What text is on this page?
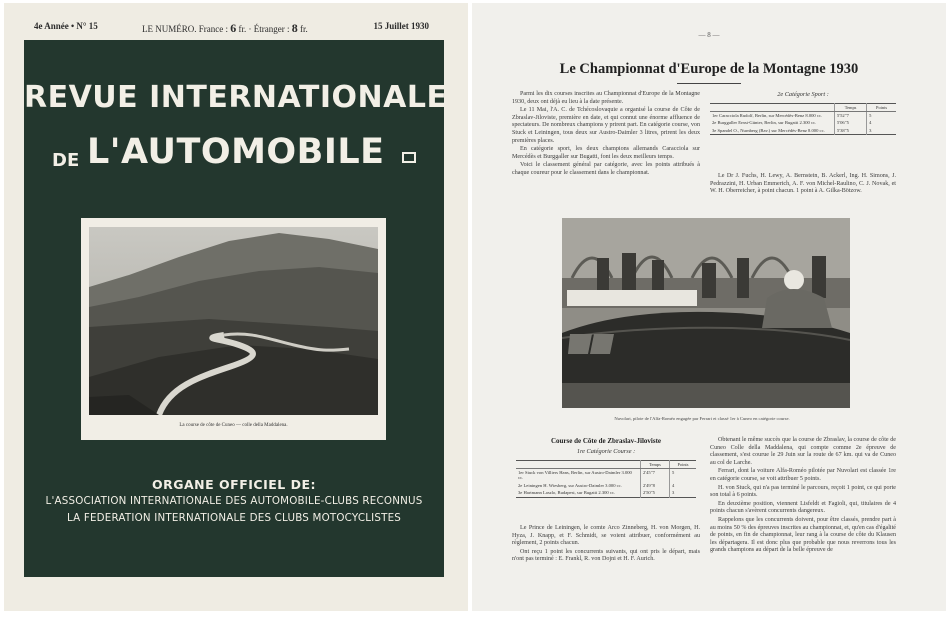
4e Année • N° 15	LE NUMÉRO. France : 6 fr. · Étranger : 8 fr.	15 Juillet 1930
REVUE INTERNATIONALE
DE L'AUTOMOBILE
La course de côte de Cuneo — colle della Maddalena.
ORGANE OFFICIEL DE:
L'ASSOCIATION INTERNATIONALE DES AUTOMOBILE-CLUBS RECONNUS
LA FEDERATION INTERNATIONALE DES CLUBS MOTOCYCLISTES
— 8 —
Le Championnat d'Europe de la Montagne 1930

Parmi les dix courses inscrites au Championnat d'Europe de la Montagne 1930, deux ont déjà eu lieu à la date présente.

Le 11 Mai, l'A. C. de Tchécoslovaquie a organisé la course de Côte de Zbraslav-Jiloviste, première en date, et qui connut une énorme affluence de spectateurs. De nombreux champions y prirent part. En catégorie course, von Stuck et Leiningen, tous deux sur Austro-Daimler 3 litres, prirent les deux premières places.

En catégorie sport, les deux champions allemands Caracciola sur Mercédès et Burggaller sur Bugatti, font les deux meilleurs temps.

Voici le classement général par catégorie, avec les points attribués à chaque coureur pour le classement dans le championnat.

2e Catégorie Sport :
	Temps	Points
1er Caracciola Rudolf, Berlin, sur Mercédès-Benz 8.000 cc.	5'52"7	5
2e Burggaller Ernst-Günter, Berlin, sur Bugatti 2.300 cc.	5'06"5	4
3e Spandel O., Nurnberg (Bav.) sur Mercédès-Benz 8.000 cc.	5'38"5	3

Le Dr J. Fuchs, H. Lewy, A. Bernstein, B. Ackerl, Ing. H. Simons, J. Pedrazzini, H. Urban Emmerich, A. F. von Michel-Raulino, C. J. Novak, et W. H. Oberreicher, à point chacun. 1 point à A. Gilka-Bötzow.

Nuvolari, pilote de l'Alfa-Roméo engagée par Ferrari et classé 1er à Cuneo en catégorie course.
Course de Côte de Zbraslav-Jiloviste
1re Catégorie Course :
	Temps	Points
1er Stuck von Villiers Hans, Berlin, sur Austro-Daimler 3.000 cc.	2'45"7	5
2e Leiningen H. Wiesberg, sur Austro-Daimler 3.000 cc.	2'49"8	4
3e Hartmann Laszlo, Budapest, sur Bugatti 2.300 cc.	2'50"5	3

Le Prince de Leiningen, le comte Arco Zinneberg, H. von Morgen, H. Hyza, J. Knapp, et F. Schmidt, se voient attribuer, conformément au règlement, 2 points chacun.

Ont reçu 1 point les concurrents suivants, qui ont pris le départ, mais n'ont pas terminé : E. Frankl, R. von Dojni et H. F. Aurich.

Obtenant le même succès que la course de Zbraslav, la course de côte de Cuneo Colle della Maddalena, qui compte comme 2e épreuve de classement, s'est courue le 29 Juin sur la route de 67 km. qui va de Cuneo au col de Larche.

Ferrari, dont la voiture Alfa-Roméo pilotée par Nuvolari est classée 1re en catégorie course, se voit attribuer 5 points.

H. von Stuck, qui n'a pas terminé le parcours, reçoit 1 point, ce qui porte son total à 6 points.

En deuxième position, viennent Lisfeldt et Fagioli, qui, titulaires de 4 points chacun s'avèrent concurrents dangereux.

Rappelons que les concurrents doivent, pour être classés, prendre part à au moins 50 % des épreuves inscrites au championnat, et, qu'en cas d'égalité de points, en fin de championnat, leur rang à la course de côte du Klausen les départagera. Il est donc plus que probable que nous reverrons tous les grands champions au départ de la belle épreuve de
